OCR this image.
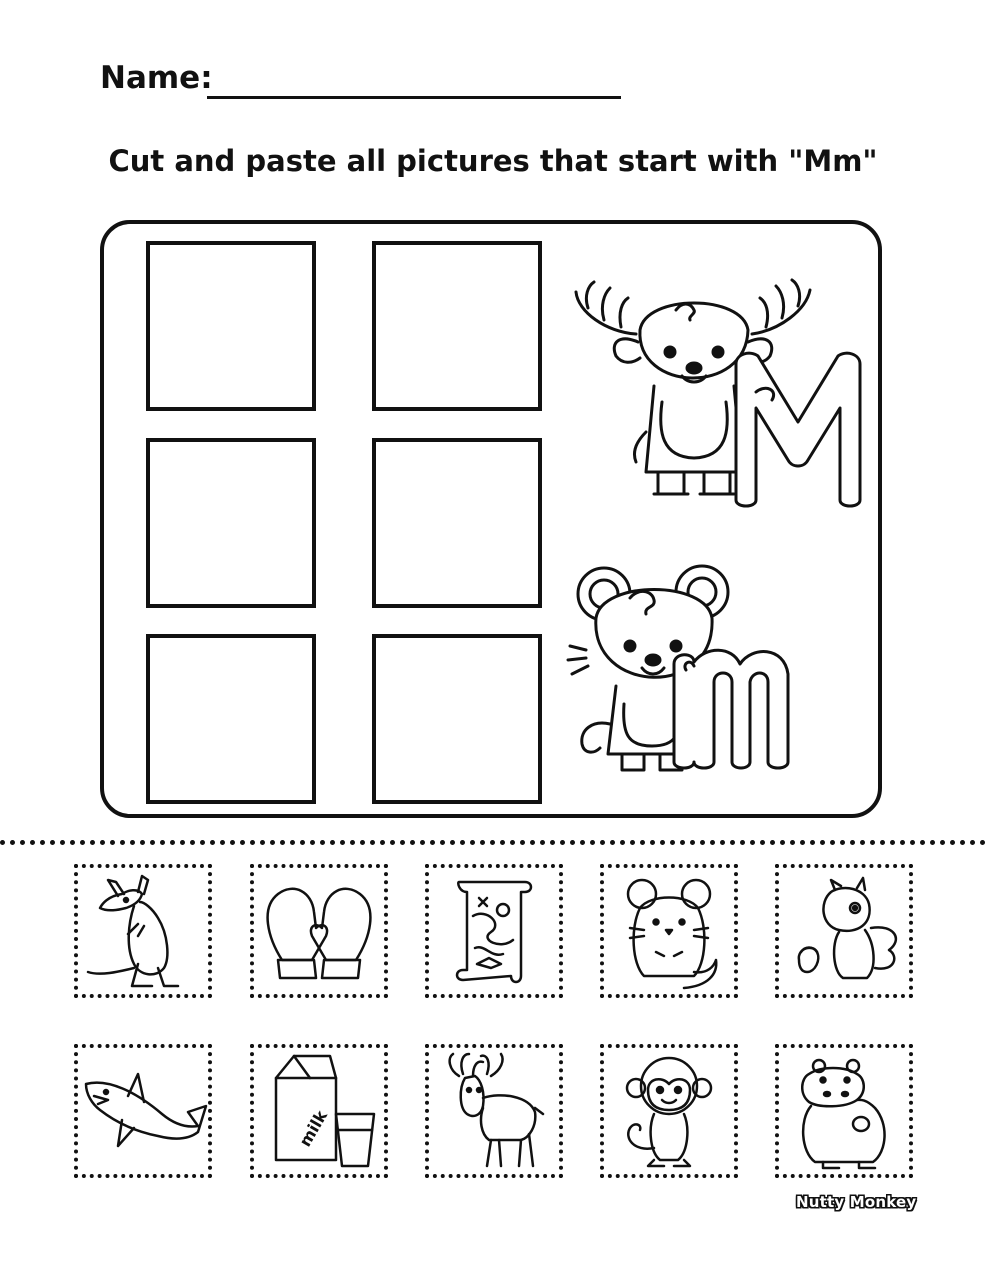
Name:
Cut and paste all pictures that start with "Mm"
milk
Nutty Monkey
